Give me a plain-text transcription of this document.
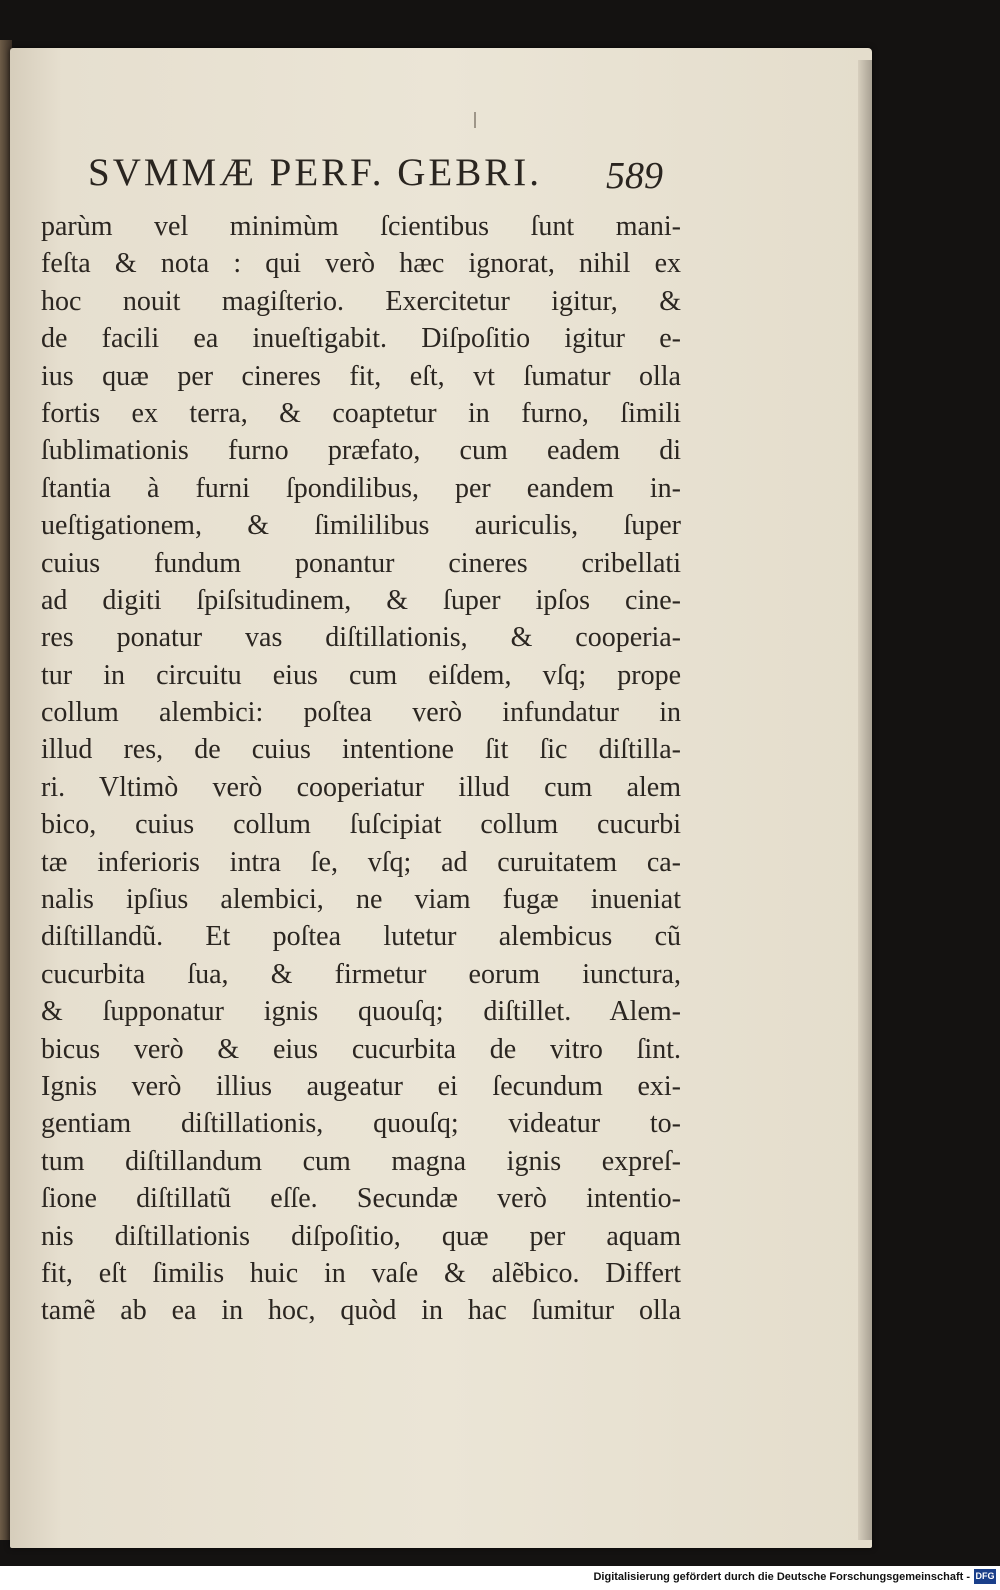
SVMMÆ PERF. GEBRI. 589
parùm vel minimùm ſcientibus ſunt mani-
feſta & nota : qui verò hæc ignorat, nihil ex
hoc nouit magiſterio. Exercitetur igitur, &
de facili ea inueſtigabit. Diſpoſitio igitur e-
ius quæ per cineres fit, eſt, vt ſumatur olla
fortis ex terra, & coaptetur in furno, ſimili
ſublimationis furno præfato, cum eadem di
ſtantia à furni ſpondilibus, per eandem in-
ueſtigationem, & ſimililibus auriculis, ſuper
cuius fundum ponantur cineres cribellati
ad digiti ſpiſsitudinem, & ſuper ipſos cine-
res ponatur vas diſtillationis, & cooperia-
tur in circuitu eius cum eiſdem, vſq; prope
collum alembici: poſtea verò infundatur in
illud res, de cuius intentione ſit ſic diſtilla-
ri. Vltimò verò cooperiatur illud cum alem
bico, cuius collum ſuſcipiat collum cucurbi
tæ inferioris intra ſe, vſq; ad curuitatem ca-
nalis ipſius alembici, ne viam fugæ inueniat
diſtillandũ. Et poſtea lutetur alembicus cũ
cucurbita ſua, & firmetur eorum iunctura,
& ſupponatur ignis quouſq; diſtillet. Alem-
bicus verò & eius cucurbita de vitro ſint.
Ignis verò illius augeatur ei ſecundum exi-
gentiam diſtillationis, quouſq; videatur to-
tum diſtillandum cum magna ignis expreſ-
ſione diſtillatũ eſſe. Secundæ verò intentio-
nis diſtillationis diſpoſitio, quæ per aquam
fit, eſt ſimilis huic in vaſe & alẽbico. Differt
tamẽ ab ea in hoc, quòd in hac ſumitur olla
Digitalisierung gefördert durch die Deutsche Forschungsgemeinschaft - DFG
